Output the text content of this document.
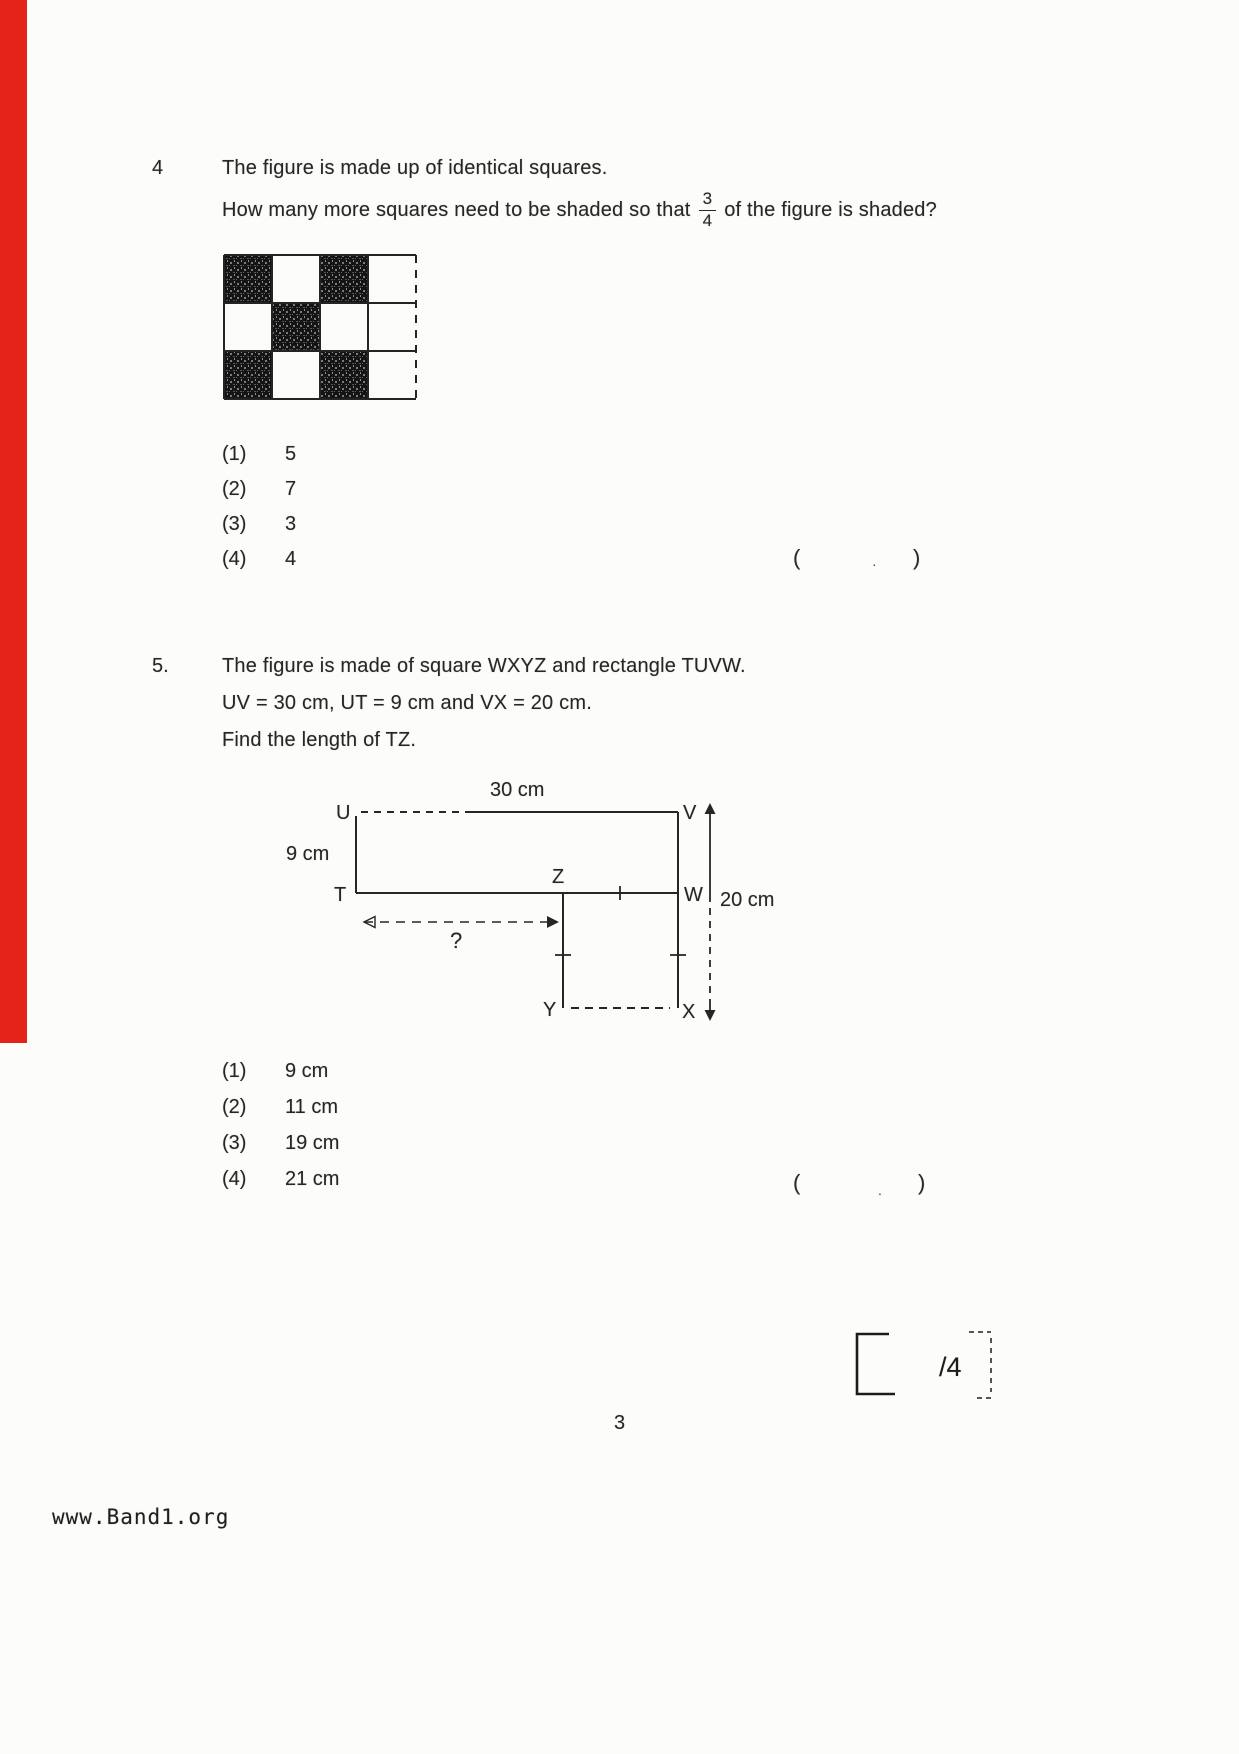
4	The figure is made up of identical squares.
How many more squares need to be shaded so that $\frac{3}{4}$ of the figure is shaded?
(1)	5
(2)	7
(3)	3
(4)	4	(	· )
5.	The figure is made of square WXYZ and rectangle TUVW.
UV = 30 cm, UT = 9 cm and VX = 20 cm.
Find the length of TZ.
30 cm
9 cm
20 cm
?
U	V
T	W
Z
Y	X
(1)	9 cm
(2)	11 cm
(3)	19 cm
(4)	21 cm	(	. )
/4
3
www.Band1.org
